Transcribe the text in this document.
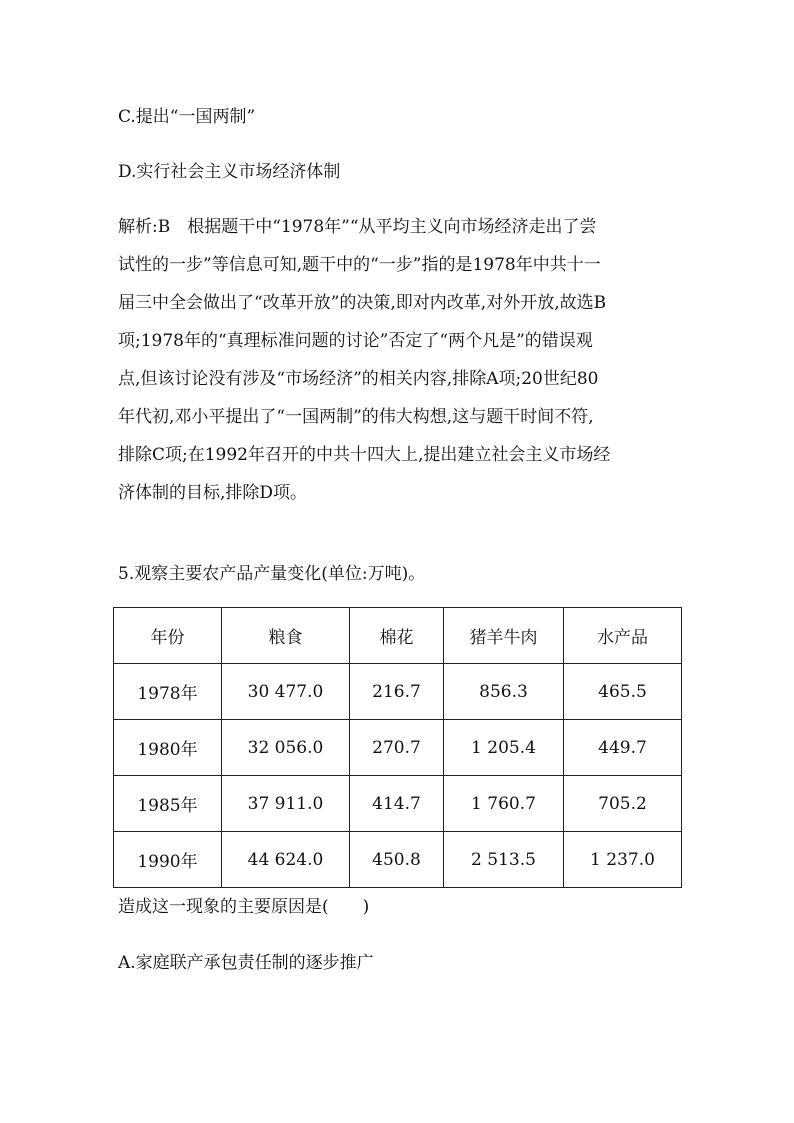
C.提出“一国两制”
D.实行社会主义市场经济体制
解析:B　根据题干中“1978年”“从平均主义向市场经济走出了尝
试性的一步”等信息可知,题干中的“一步”指的是1978年中共十一
届三中全会做出了“改革开放”的决策,即对内改革,对外开放,故选B
项;1978年的“真理标准问题的讨论”否定了“两个凡是”的错误观
点,但该讨论没有涉及“市场经济”的相关内容,排除A项;20世纪80
年代初,邓小平提出了“一国两制”的伟大构想,这与题干时间不符,
排除C项;在1992年召开的中共十四大上,提出建立社会主义市场经
济体制的目标,排除D项。
5.观察主要农产品产量变化(单位:万吨)。
年份	粮食	棉花	猪羊牛肉	水产品
1978年	30 477.0	216.7	856.3	465.5
1980年	32 056.0	270.7	1 205.4	449.7
1985年	37 911.0	414.7	1 760.7	705.2
1990年	44 624.0	450.8	2 513.5	1 237.0
造成这一现象的主要原因是(　　)
A.家庭联产承包责任制的逐步推广
